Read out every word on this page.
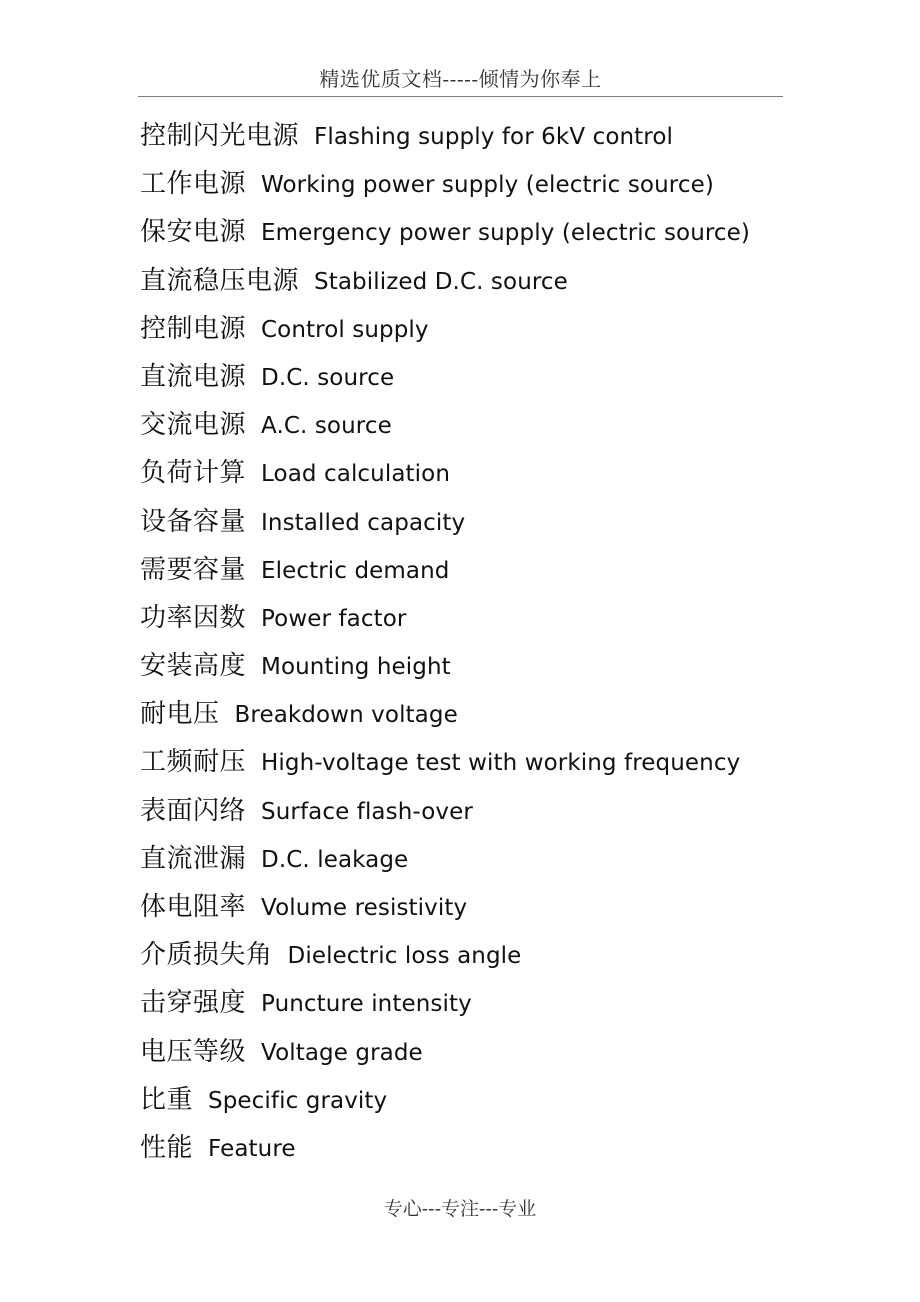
精选优质文档-----倾情为你奉上
控制闪光电源 Flashing supply for 6kV control
工作电源 Working power supply (electric source)
保安电源 Emergency power supply (electric source)
直流稳压电源 Stabilized D.C. source
控制电源 Control supply
直流电源 D.C. source
交流电源 A.C. source
负荷计算 Load calculation
设备容量 Installed capacity
需要容量 Electric demand
功率因数 Power factor
安装高度 Mounting height
耐电压 Breakdown voltage
工频耐压 High-voltage test with working frequency
表面闪络 Surface flash-over
直流泄漏 D.C. leakage
体电阻率 Volume resistivity
介质损失角 Dielectric loss angle
击穿强度 Puncture intensity
电压等级 Voltage grade
比重 Specific gravity
性能 Feature
专心---专注---专业
